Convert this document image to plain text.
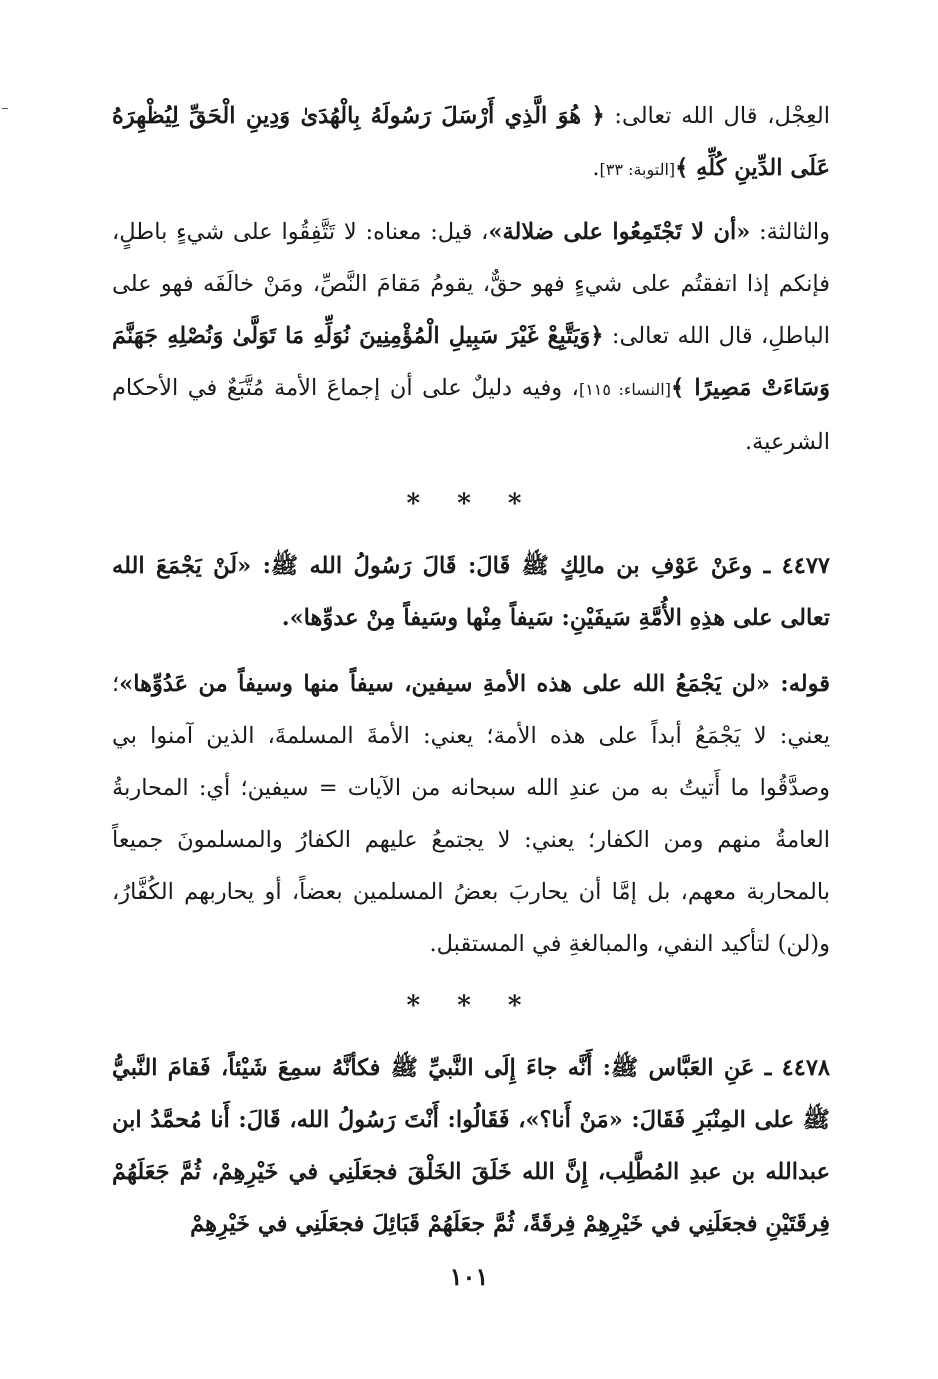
العِجْل، قال الله تعالى: ﴿ هُوَ الَّذِي أَرْسَلَ رَسُولَهُ بِالْهُدَىٰ وَدِينِ الْحَقِّ لِيُظْهِرَهُ عَلَى الدِّينِ كُلِّهِ ﴾[التوبة: ٣٣].

والثالثة: «أن لا تَجْتَمِعُوا على ضلالة»، قيل: معناه: لا تَتَّفِقُوا على شيءٍ باطلٍ، فإنكم إذا اتفقتُم على شيءٍ فهو حقٌّ، يقومُ مَقامَ النَّصِّ، ومَنْ خالَفَه فهو على الباطلِ، قال الله تعالى: ﴿وَيَتَّبِعْ غَيْرَ سَبِيلِ الْمُؤْمِنِينَ نُوَلِّهِ مَا تَوَلَّىٰ وَنُصْلِهِ جَهَنَّمَ وَسَاءَتْ مَصِيرًا ﴾[النساء: ١١٥]، وفيه دليلٌ على أن إجماعَ الأمة مُتَّبَعٌ في الأحكام الشرعية.

* * *

٤٤٧٧ ـ وعَنْ عَوْفِ بن مالِكٍ ﷺ قَالَ: قَالَ رَسُولُ الله ﷺ: «لَنْ يَجْمَعَ الله تعالى على هذِهِ الأُمَّةِ سَيفَيْنِ: سَيفاً مِنْها وسَيفاً مِنْ عدوِّها».

قوله: «لن يَجْمَعُ الله على هذه الأمةِ سيفين، سيفاً منها وسيفاً من عَدُوِّها»؛ يعني: لا يَجْمَعُ أبداً على هذه الأمة؛ يعني: الأمةَ المسلمةَ، الذين آمنوا بي وصدَّقُوا ما أَتيتُ به من عندِ الله سبحانه من الآيات = سيفين؛ أي: المحاربةُ العامةُ منهم ومن الكفار؛ يعني: لا يجتمعُ عليهم الكفارُ والمسلمونَ جميعاً بالمحاربة معهم، بل إمَّا أن يحاربَ بعضُ المسلمين بعضاً، أو يحاربهم الكُفَّارُ، و(لن) لتأكيد النفي، والمبالغةِ في المستقبل.

* * *

٤٤٧٨ ـ عَنِ العَبَّاس ﷺ: أَنَّه جاءَ إِلَى النَّبيِّ ﷺ فكأنَّهُ سمِعَ شَيْئاً، فَقامَ النَّبيُّ ﷺ على المِنْبَرِ فَقَالَ: «مَنْ أَنا؟»، فَقَالُوا: أَنْتَ رَسُولُ الله، قَالَ: أَنا مُحمَّدُ ابن عبدالله بن عبدِ المُطَّلِب، إِنَّ الله خَلَقَ الخَلْقَ فجعَلَنِي في خَيْرِهِمْ، ثُمَّ جَعَلَهُمْ فِرقَتَيْنِ فجعَلَنِي في خَيْرِهِمْ فِرقَةً، ثُمَّ جعَلَهُمْ قَبَائِلَ فجعَلَنِي في خَيْرِهِمْ

١٠١
